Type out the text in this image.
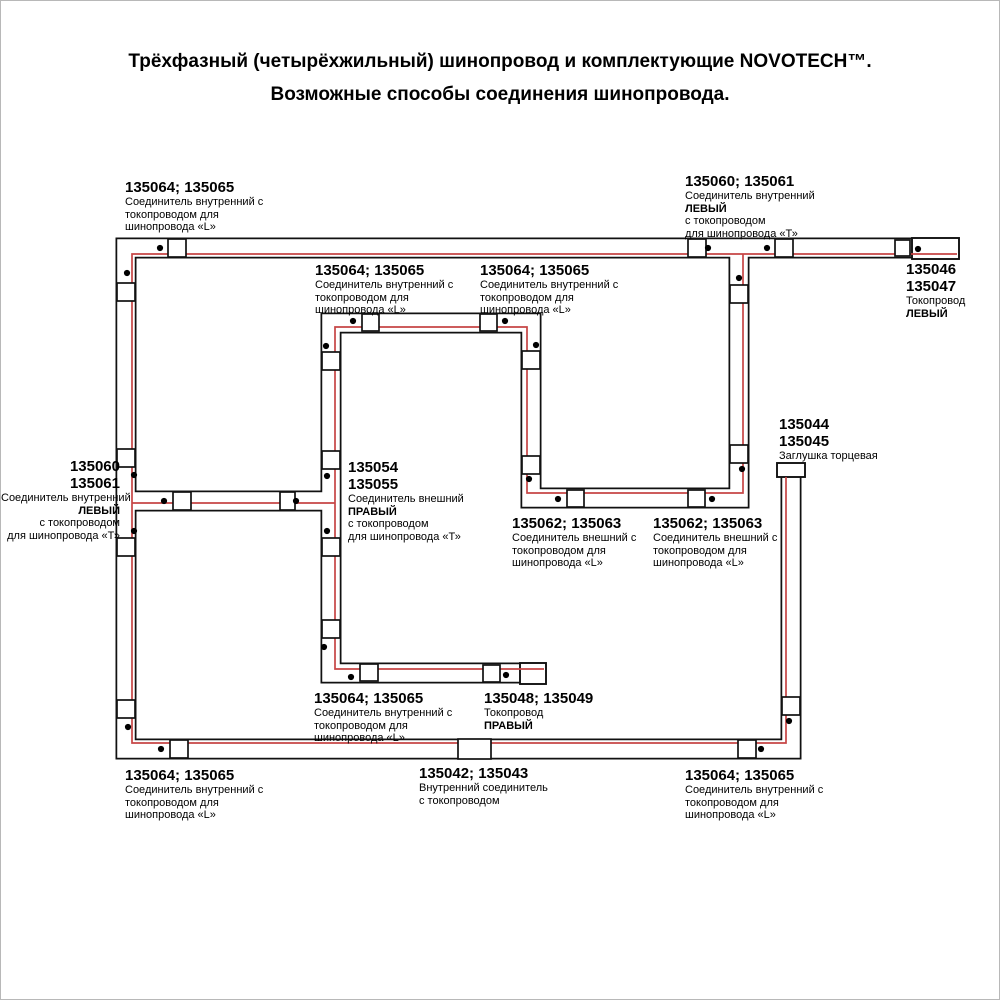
Трёхфазный (четырёхжильный) шинопровод и комплектующие NOVOTECH™.
Возможные способы соединения шинопровода.
135064; 135065
Соединитель внутренний с
токопроводом для
шинопровода «L»
135064; 135065
Соединитель внутренний с
токопроводом для
шинопровода «L»
135064; 135065
Соединитель внутренний с
токопроводом для
шинопровода «L»
135060; 135061
Соединитель внутренний
ЛЕВЫЙ
с токопроводом
для шинопровода «Т»
135046
135047
Токопровод
ЛЕВЫЙ
135060
135061
Соединитель внутренний
ЛЕВЫЙ
с токопроводом
для шинопровода «Т»
135054
135055
Соединитель внешний
ПРАВЫЙ
с токопроводом
для шинопровода «Т»
135062; 135063
Соединитель внешний с
токопроводом для
шинопровода «L»
135062; 135063
Соединитель внешний с
токопроводом для
шинопровода «L»
135044
135045
Заглушка торцевая
135064; 135065
Соединитель внутренний с
токопроводом для
шинопровода «L»
135048; 135049
Токопровод
ПРАВЫЙ
135064; 135065
Соединитель внутренний с
токопроводом для
шинопровода «L»
135042; 135043
Внутренний соединитель
с токопроводом
135064; 135065
Соединитель внутренний с
токопроводом для
шинопровода «L»
